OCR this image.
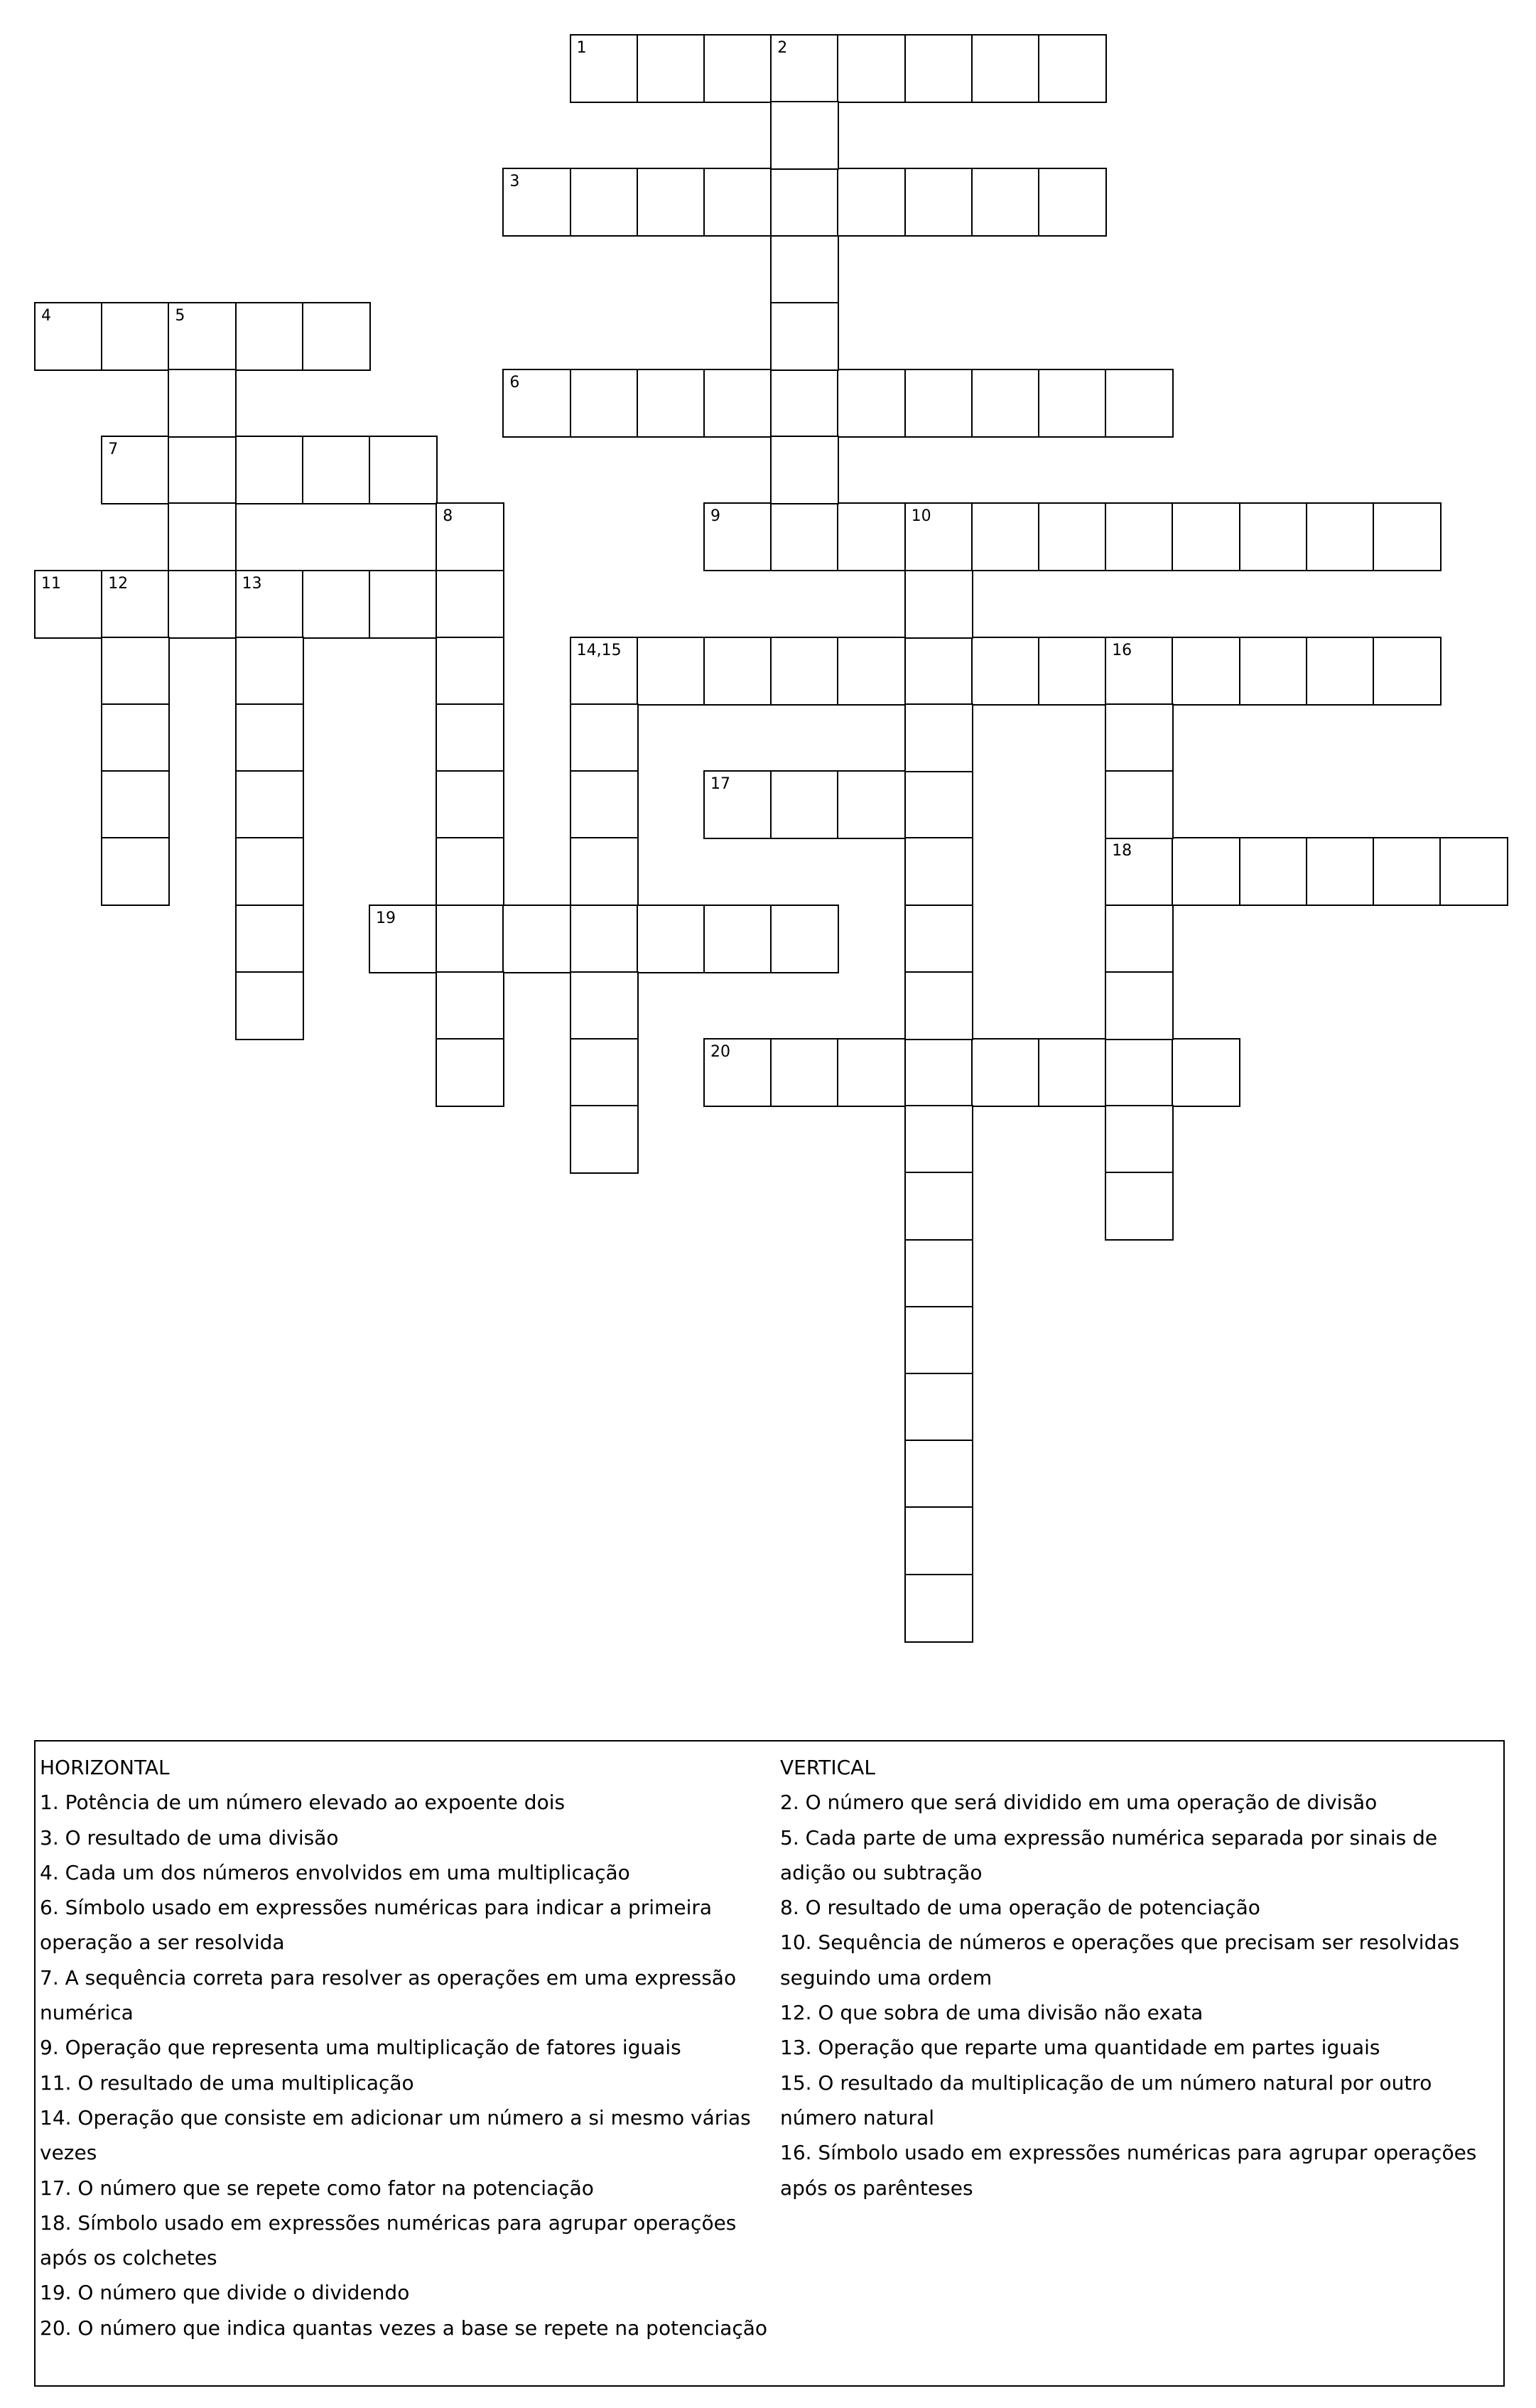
1	2
3
4	5
6
7
9	10
11	12	13
14,15	16
17
18
19
20
8

HORIZONTAL

1. Potência de um número elevado ao expoente dois

3. O resultado de uma divisão

4. Cada um dos números envolvidos em uma multiplicação

6. Símbolo usado em expressões numéricas para indicar a primeira operação a ser resolvida

7. A sequência correta para resolver as operações em uma expressão numérica

9. Operação que representa uma multiplicação de fatores iguais

11. O resultado de uma multiplicação

14. Operação que consiste em adicionar um número a si mesmo várias vezes

17. O número que se repete como fator na potenciação

18. Símbolo usado em expressões numéricas para agrupar operações após os colchetes

19. O número que divide o dividendo

20. O número que indica quantas vezes a base se repete na potenciação

VERTICAL

2. O número que será dividido em uma operação de divisão

5. Cada parte de uma expressão numérica separada por sinais de adição ou subtração

8. O resultado de uma operação de potenciação

10. Sequência de números e operações que precisam ser resolvidas seguindo uma ordem

12. O que sobra de uma divisão não exata

13. Operação que reparte uma quantidade em partes iguais

15. O resultado da multiplicação de um número natural por outro número natural

16. Símbolo usado em expressões numéricas para agrupar operações após os parênteses
